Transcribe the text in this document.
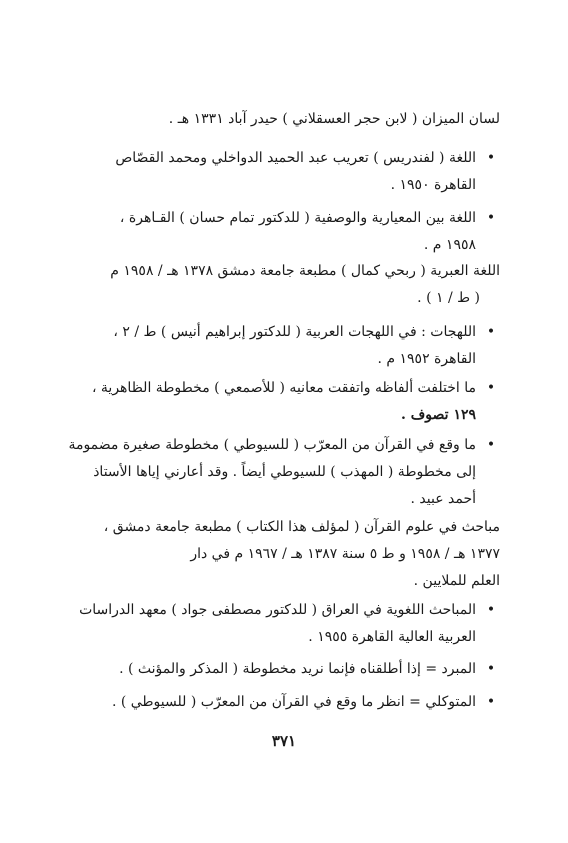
لسان الميزان ( لابن حجر العسقلاني ) حيدر آباد ١٣٣١ هـ .
•
اللغة ( لفندريس ) تعريب عبد الحميد الدواخلي ومحمد القصّاص
القاهرة ١٩٥٠ .
•
اللغة بين المعيارية والوصفية ( للدكتور تمام حسان ) القـاهرة ،
١٩٥٨ م .
اللغة العبرية ( ربحي كمال ) مطبعة جامعة دمشق ١٣٧٨ هـ / ١٩٥٨ م
( ط / ١ ) .
•
اللهجات : في اللهجات العربية ( للدكتور إبراهيم أنيس ) ط / ٢ ،
القاهرة ١٩٥٢ م .
•
ما اختلفت ألفاظه واتفقت معانيه ( للأصمعي ) مخطوطة الظاهرية ،
١٢٩ تصوف .
•
ما وقع في القرآن من المعرّب ( للسيوطي ) مخطوطة صغيرة مضمومة
إلى مخطوطة ( المهذب ) للسيوطي أيضاً . وقد أعارني إياها الأستاذ
أحمد عبيد .
مباحث في علوم القرآن ( لمؤلف هذا الكتاب ) مطبعة جامعة دمشق ،
١٣٧٧ هـ / ١٩٥٨ و ط ٥ سنة ١٣٨٧ هـ / ١٩٦٧ م في دار
العلم للملايين .
•
المباحث اللغوية في العراق ( للدكتور مصطفى جواد ) معهد الدراسات
العربية العالية القاهرة ١٩٥٥ .
•
المبرد = إذا أطلقناه فإنما نريد مخطوطة ( المذكر والمؤنث ) .
•
المتوكلي = انظر ما وقع في القرآن من المعرّب ( للسيوطي ) .
٣٧١
